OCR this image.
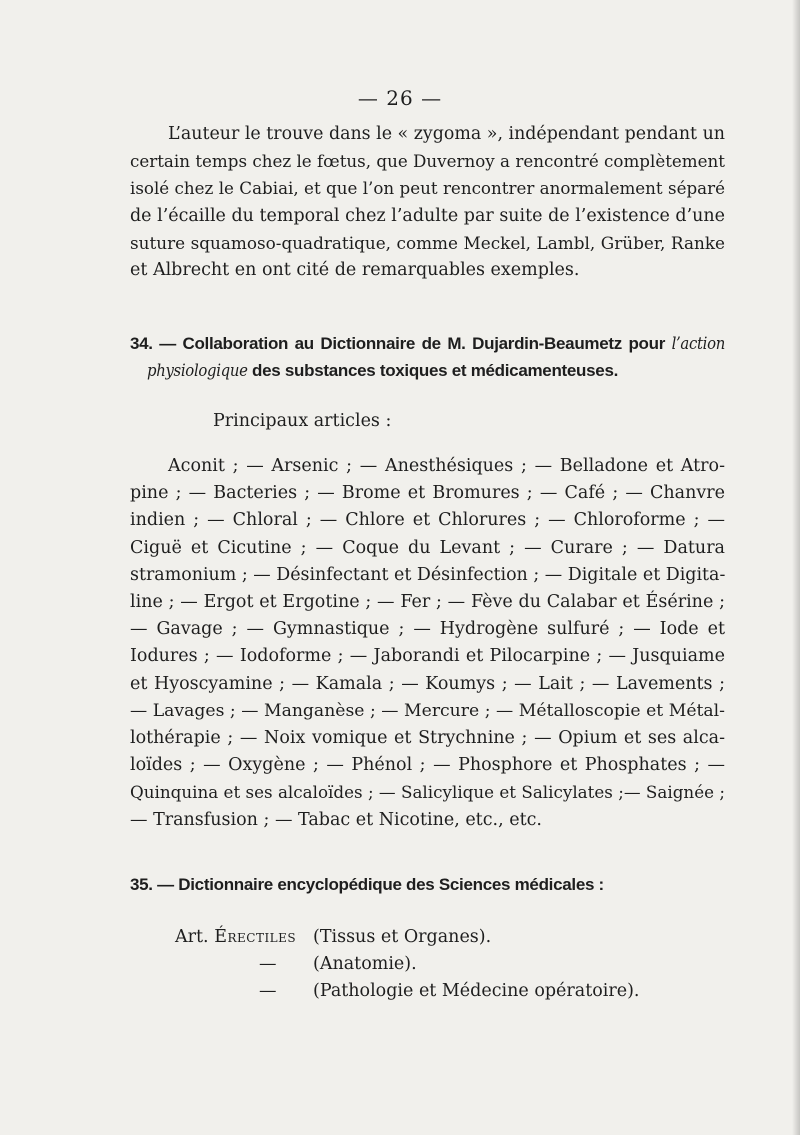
— 26 —
L’auteur le trouve dans le « zygoma », indépendant pendant un
certain temps chez le fœtus, que Duvernoy a rencontré complètement
isolé chez le Cabiai, et que l’on peut rencontrer anormalement séparé
de l’écaille du temporal chez l’adulte par suite de l’existence d’une
suture squamoso-quadratique, comme Meckel, Lambl, Grüber, Ranke
et Albrecht en ont cité de remarquables exemples.
34. — Collaboration au Dictionnaire de M. Dujardin-Beaumetz pour l’action
physiologique des substances toxiques et médicamenteuses.
Principaux articles :
Aconit ; — Arsenic ; — Anesthésiques ; — Belladone et Atro-
pine ; — Bacteries ; — Brome et Bromures ; — Café ; — Chanvre
indien ; — Chloral ; — Chlore et Chlorures ; — Chloroforme ; —
Ciguë et Cicutine ; — Coque du Levant ; — Curare ; — Datura
stramonium ; — Désinfectant et Désinfection ; — Digitale et Digita-
line ; — Ergot et Ergotine ; — Fer ; — Fève du Calabar et Ésérine ;
— Gavage ; — Gymnastique ; — Hydrogène sulfuré ; — Iode et
Iodures ; — Iodoforme ; — Jaborandi et Pilocarpine ; — Jusquiame
et Hyoscyamine ; — Kamala ; — Koumys ; — Lait ; — Lavements ;
— Lavages ; — Manganèse ; — Mercure ; — Métalloscopie et Métal-
lothérapie ; — Noix vomique et Strychnine ; — Opium et ses alca-
loïdes ; — Oxygène ; — Phénol ; — Phosphore et Phosphates ; —
Quinquina et ses alcaloïdes ; — Salicylique et Salicylates ;— Saignée ;
— Transfusion ; — Tabac et Nicotine, etc., etc.
35. — Dictionnaire encyclopédique des Sciences médicales :
Art. Érectiles (Tissus et Organes).
— (Anatomie).
— (Pathologie et Médecine opératoire).
